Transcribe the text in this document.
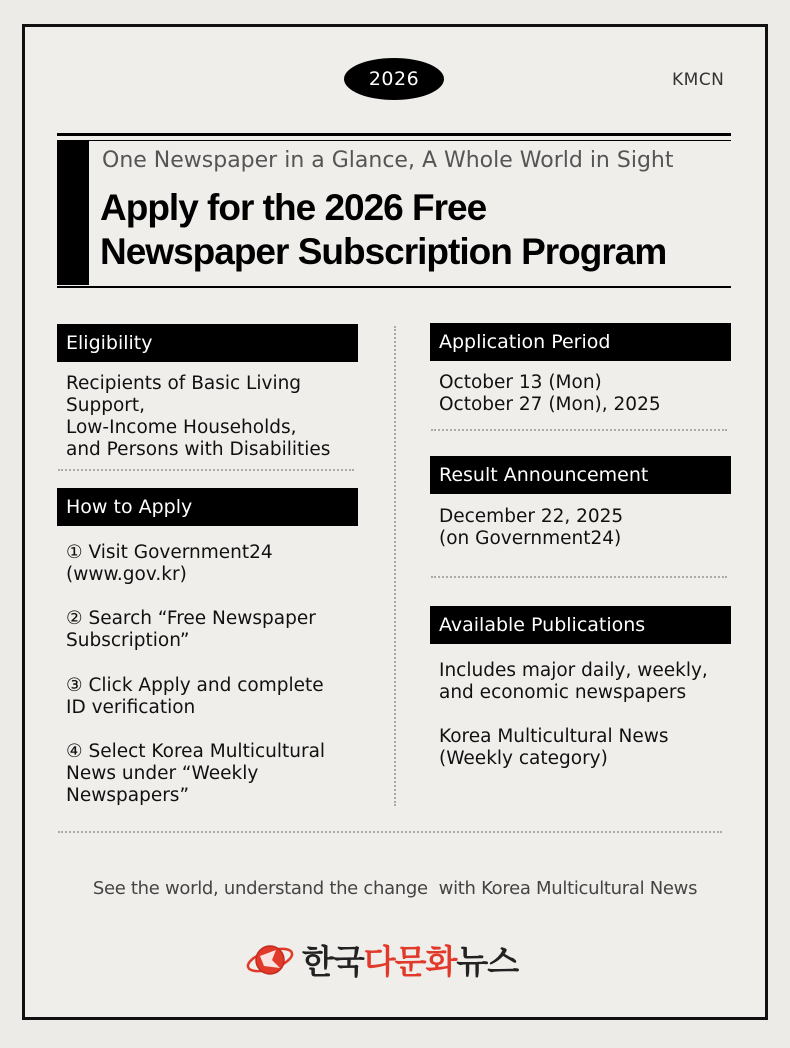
2026	KMCN
One Newspaper in a Glance, A Whole World in Sight
Apply for the 2026 Free
Newspaper Subscription Program
Eligibility
Recipients of Basic Living
Support,
Low-Income Households,
and Persons with Disabilities
How to Apply
① Visit Government24
(www.gov.kr)
② Search “Free Newspaper
Subscription”
③ Click Apply and complete
ID verification
④ Select Korea Multicultural
News under “Weekly
Newspapers”
Application Period
October 13 (Mon)
October 27 (Mon), 2025
Result Announcement
December 22, 2025
(on Government24)
Available Publications
Includes major daily, weekly,
and economic newspapers
Korea Multicultural News
(Weekly category)
See the world, understand the change  with Korea Multicultural News
한국다문화뉴스
